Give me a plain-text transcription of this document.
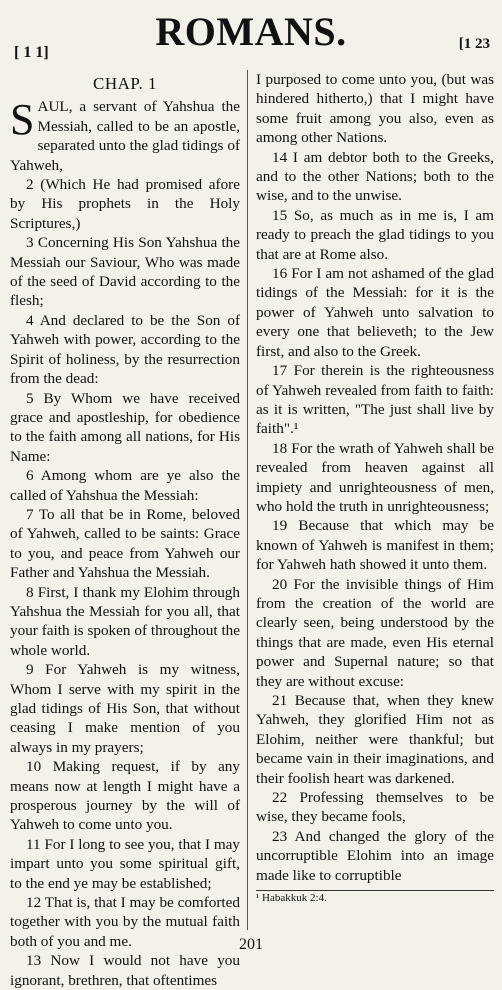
[ 1 1]	ROMANS.	[1 23
CHAP. 1

SAUL, a servant of Yahshua the Messiah, called to be an apostle, separated unto the glad tidings of Yahweh,

2 (Which He had promised afore by His prophets in the Holy Scriptures,)

3 Concerning His Son Yahshua the Messiah our Saviour, Who was made of the seed of David according to the flesh;

4 And declared to be the Son of Yahweh with power, according to the Spirit of holiness, by the resurrection from the dead:

5 By Whom we have received grace and apostleship, for obedience to the faith among all nations, for His Name:

6 Among whom are ye also the called of Yahshua the Messiah:

7 To all that be in Rome, beloved of Yahweh, called to be saints: Grace to you, and peace from Yahweh our Father and Yahshua the Messiah.

8 First, I thank my Elohim through Yahshua the Messiah for you all, that your faith is spoken of throughout the whole world.

9 For Yahweh is my witness, Whom I serve with my spirit in the glad tidings of His Son, that without ceasing I make mention of you always in my prayers;

10 Making request, if by any means now at length I might have a prosperous journey by the will of Yahweh to come unto you.

11 For I long to see you, that I may impart unto you some spiritual gift, to the end ye may be established;

12 That is, that I may be comforted together with you by the mutual faith both of you and me.

13 Now I would not have you ignorant, brethren, that oftentimes

I purposed to come unto you, (but was hindered hitherto,) that I might have some fruit among you also, even as among other Nations.

14 I am debtor both to the Greeks, and to the other Nations; both to the wise, and to the unwise.

15 So, as much as in me is, I am ready to preach the glad tidings to you that are at Rome also.

16 For I am not ashamed of the glad tidings of the Messiah: for it is the power of Yahweh unto salvation to every one that believeth; to the Jew first, and also to the Greek.

17 For therein is the righteousness of Yahweh revealed from faith to faith: as it is written, "The just shall live by faith".¹

18 For the wrath of Yahweh shall be revealed from heaven against all impiety and unrighteousness of men, who hold the truth in unrighteousness;

19 Because that which may be known of Yahweh is manifest in them; for Yahweh hath showed it unto them.

20 For the invisible things of Him from the creation of the world are clearly seen, being understood by the things that are made, even His eternal power and Supernal nature; so that they are without excuse:

21 Because that, when they knew Yahweh, they glorified Him not as Elohim, neither were thankful; but became vain in their imaginations, and their foolish heart was darkened.

22 Professing themselves to be wise, they became fools,

23 And changed the glory of the uncorruptible Elohim into an image made like to corruptible

¹ Habakkuk 2:4.
201
